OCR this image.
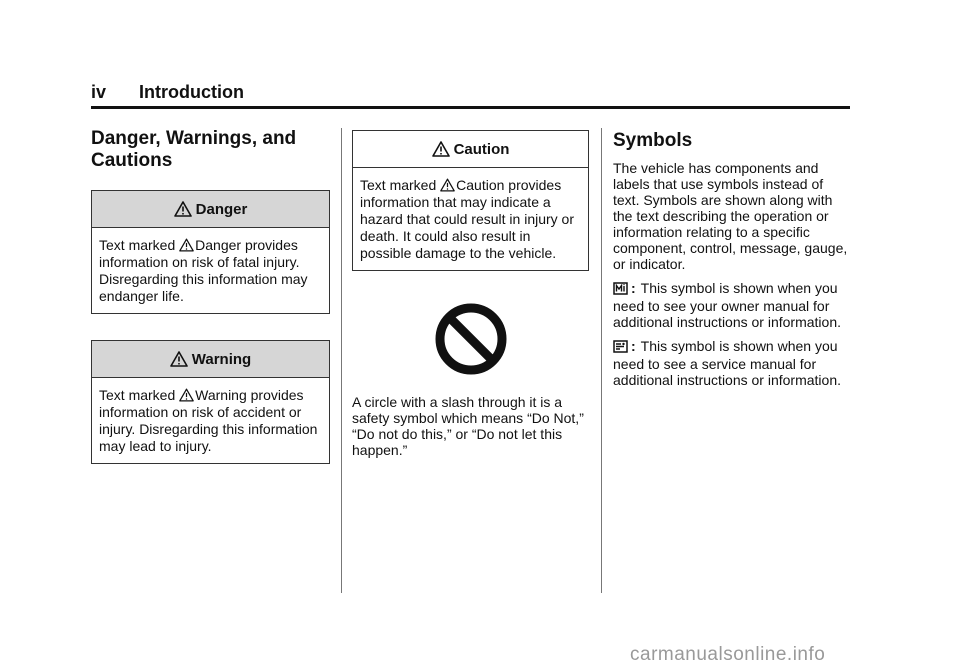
iv Introduction
Danger, Warnings, and Cautions
Danger
Text marked Danger provides information on risk of fatal injury. Disregarding this information may endanger life.
Warning
Text marked Warning provides information on risk of accident or injury. Disregarding this information may lead to injury.
Caution
Text marked Caution provides information that may indicate a hazard that could result in injury or death. It could also result in possible damage to the vehicle.

A circle with a slash through it is a safety symbol which means “Do Not,” “Do not do this,” or “Do not let this happen.”

Symbols

The vehicle has components and labels that use symbols instead of text. Symbols are shown along with the text describing the operation or information relating to a specific component, control, message, gauge, or indicator.

: This symbol is shown when you need to see your owner manual for additional instructions or information.

: This symbol is shown when you need to see a service manual for additional instructions or information.

carmanualsonline.info
